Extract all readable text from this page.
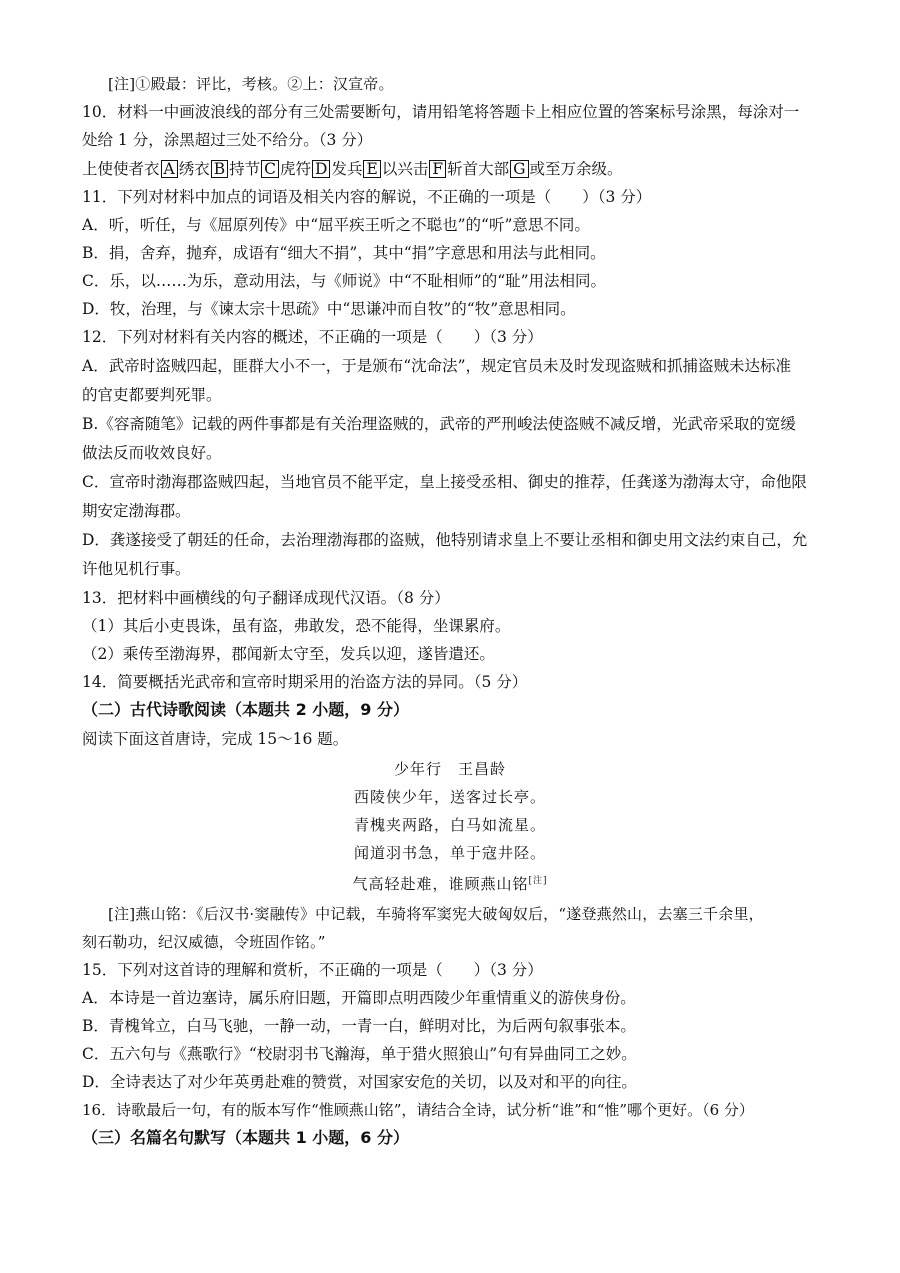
[注]①殿最：评比，考核。②上：汉宣帝。
10．材料一中画波浪线的部分有三处需要断句，请用铅笔将答题卡上相应位置的答案标号涂黑，每涂对一
处给 1 分，涂黑超过三处不给分。（3 分）
上使使者衣 A 绣衣 B 持节 C 虎符 D 发兵 E 以兴击 F 斩首大部 G 或至万余级。
11．下列对材料中加点的词语及相关内容的解说，不正确的一项是（　　）（3 分）
A．听，听任，与《屈原列传》中“屈平疾王听之不聪也”的“听”意思不同。
B．捐，舍弃，抛弃，成语有“细大不捐”，其中“捐”字意思和用法与此相同。
C．乐，以……为乐，意动用法，与《师说》中“不耻相师”的“耻”用法相同。
D．牧，治理，与《谏太宗十思疏》中“思谦冲而自牧”的“牧”意思相同。
12．下列对材料有关内容的概述，不正确的一项是（　　）（3 分）
A．武帝时盗贼四起，匪群大小不一，于是颁布“沈命法”，规定官员未及时发现盗贼和抓捕盗贼未达标准
的官吏都要判死罪。
B.《容斋随笔》记载的两件事都是有关治理盗贼的，武帝的严刑峻法使盗贼不减反增，光武帝采取的宽缓
做法反而收效良好。
C．宣帝时渤海郡盗贼四起，当地官员不能平定，皇上接受丞相、御史的推荐，任龚遂为渤海太守，命他限
期安定渤海郡。
D．龚遂接受了朝廷的任命，去治理渤海郡的盗贼，他特别请求皇上不要让丞相和御史用文法约束自己，允
许他见机行事。
13．把材料中画横线的句子翻译成现代汉语。（8 分）
（1）其后小吏畏诛，虽有盗，弗敢发，恐不能得，坐课累府。
（2）乘传至渤海界，郡闻新太守至，发兵以迎，遂皆遣还。
14．简要概括光武帝和宣帝时期采用的治盗方法的异同。（5 分）
（二）古代诗歌阅读（本题共 2 小题，9 分）
阅读下面这首唐诗，完成 15～16 题。
少年行　王昌龄
西陵侠少年，送客过长亭。
青槐夹两路，白马如流星。
闻道羽书急，单于寇井陉。
气高轻赴难，谁顾燕山铭[注]
[注]燕山铭：《后汉书·窦融传》中记载，车骑将军窦宪大破匈奴后，“遂登燕然山，去塞三千余里，
刻石勒功，纪汉威德，令班固作铭。”
15．下列对这首诗的理解和赏析，不正确的一项是（　　）（3 分）
A．本诗是一首边塞诗，属乐府旧题，开篇即点明西陵少年重情重义的游侠身份。
B．青槐耸立，白马飞驰，一静一动，一青一白，鲜明对比，为后两句叙事张本。
C．五六句与《燕歌行》“校尉羽书飞瀚海，单于猎火照狼山”句有异曲同工之妙。
D．全诗表达了对少年英勇赴难的赞赏，对国家安危的关切，以及对和平的向往。
16．诗歌最后一句，有的版本写作“惟顾燕山铭”，请结合全诗，试分析“谁”和“惟”哪个更好。（6 分）
（三）名篇名句默写（本题共 1 小题，6 分）
